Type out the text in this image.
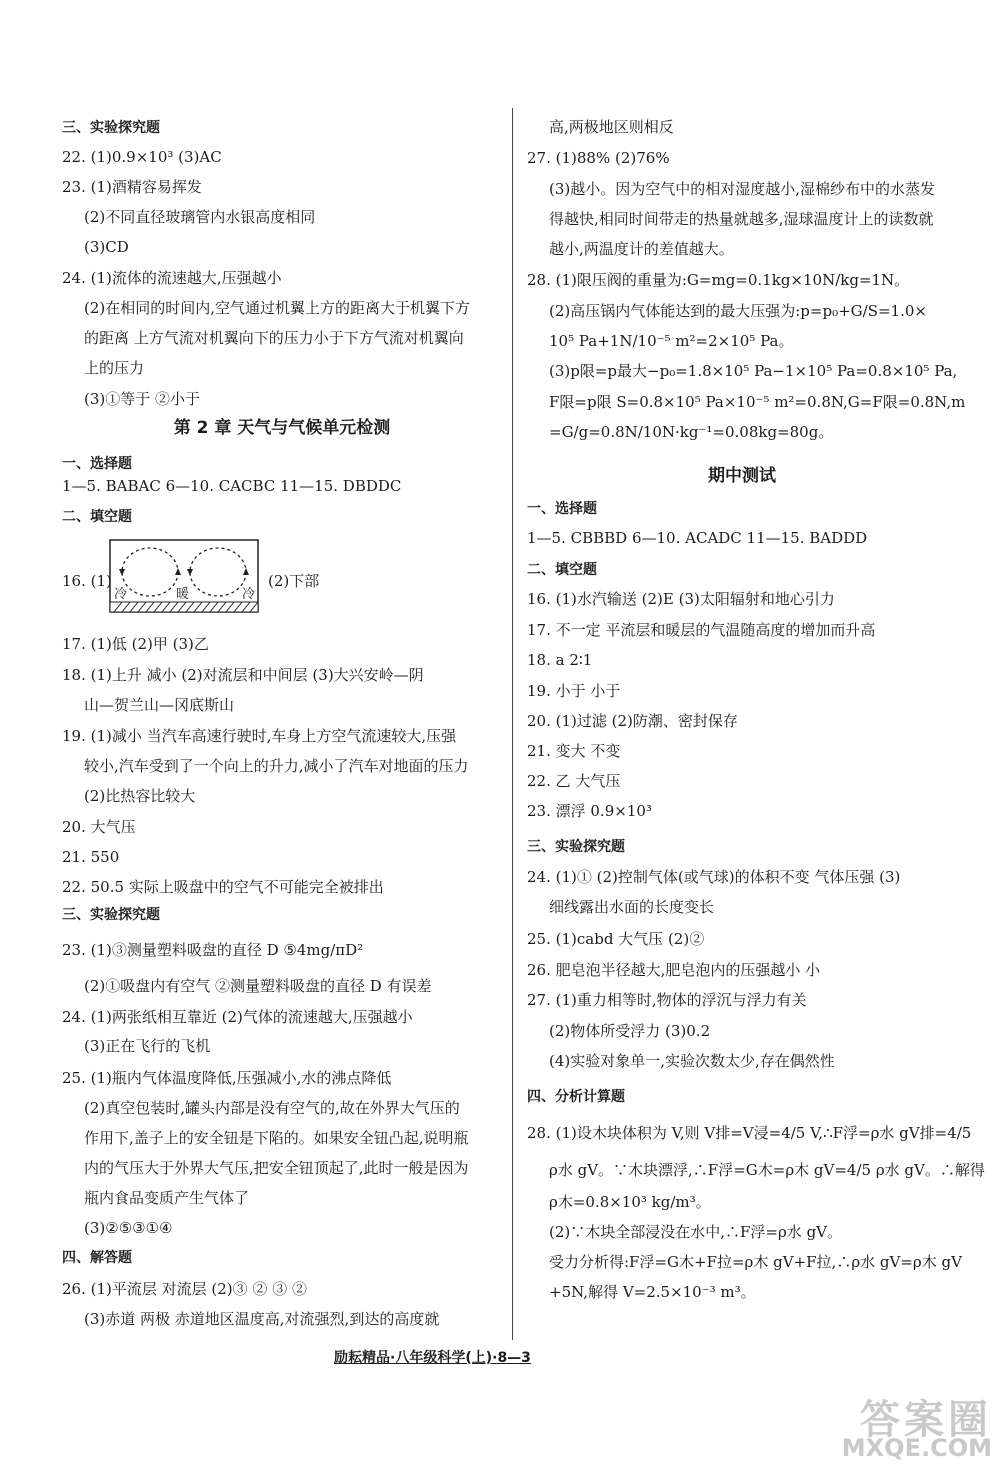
三、实验探究题
22. (1)0.9×10³ (3)AC
23. (1)酒精容易挥发
(2)不同直径玻璃管内水银高度相同
(3)CD
24. (1)流体的流速越大,压强越小
(2)在相同的时间内,空气通过机翼上方的距离大于机翼下方
的距离 上方气流对机翼向下的压力小于下方气流对机翼向
上的压力
(3)①等于 ②小于
第 2 章 天气与气候单元检测
一、选择题
1—5. BABAC 6—10. CACBC 11—15. DBDDC
二、填空题
17. (1)低 (2)甲 (3)乙
18. (1)上升 减小 (2)对流层和中间层 (3)大兴安岭—阴
山—贺兰山—冈底斯山
19. (1)减小 当汽车高速行驶时,车身上方空气流速较大,压强
较小,汽车受到了一个向上的升力,减小了汽车对地面的压力
(2)比热容比较大
20. 大气压
21. 550
22. 50.5 实际上吸盘中的空气不可能完全被排出
三、实验探究题
23. (1)③测量塑料吸盘的直径 D ⑤4mg/πD²
(2)①吸盘内有空气 ②测量塑料吸盘的直径 D 有误差
24. (1)两张纸相互靠近 (2)气体的流速越大,压强越小
(3)正在飞行的飞机
25. (1)瓶内气体温度降低,压强减小,水的沸点降低
(2)真空包装时,罐头内部是没有空气的,故在外界大气压的
作用下,盖子上的安全钮是下陷的。如果安全钮凸起,说明瓶
内的气压大于外界大气压,把安全钮顶起了,此时一般是因为
瓶内食品变质产生气体了
(3)②⑤③①④
四、解答题
26. (1)平流层 对流层 (2)③ ② ③ ②
(3)赤道 两极 赤道地区温度高,对流强烈,到达的高度就
高,两极地区则相反
27. (1)88% (2)76%
(3)越小。因为空气中的相对湿度越小,湿棉纱布中的水蒸发
得越快,相同时间带走的热量就越多,湿球温度计上的读数就
越小,两温度计的差值越大。
28. (1)限压阀的重量为:G=mg=0.1kg×10N/kg=1N。
(2)高压锅内气体能达到的最大压强为:p=p₀+G/S=1.0×
10⁵ Pa+1N/10⁻⁵ m²=2×10⁵ Pa。
(3)p限=p最大−p₀=1.8×10⁵ Pa−1×10⁵ Pa=0.8×10⁵ Pa,
F限=p限 S=0.8×10⁵ Pa×10⁻⁵ m²=0.8N,G=F限=0.8N,m
=G/g=0.8N/10N·kg⁻¹=0.08kg=80g。
期中测试
一、选择题
1—5. CBBBD 6—10. ACADC 11—15. BADDD
二、填空题
16. (1)水汽输送 (2)E (3)太阳辐射和地心引力
17. 不一定 平流层和暖层的气温随高度的增加而升高
18. a 2∶1
19. 小于 小于
20. (1)过滤 (2)防潮、密封保存
21. 变大 不变
22. 乙 大气压
23. 漂浮 0.9×10³
三、实验探究题
24. (1)① (2)控制气体(或气球)的体积不变 气体压强 (3)
细线露出水面的长度变长
25. (1)cabd 大气压 (2)②
26. 肥皂泡半径越大,肥皂泡内的压强越小 小
27. (1)重力相等时,物体的浮沉与浮力有关
(2)物体所受浮力 (3)0.2
(4)实验对象单一,实验次数太少,存在偶然性
四、分析计算题
28. (1)设木块体积为 V,则 V排=V浸=4/5 V,∴F浮=ρ水 gV排=4/5
ρ水 gV。∵木块漂浮,∴F浮=G木=ρ木 gV=4/5 ρ水 gV。∴解得
ρ木=0.8×10³ kg/m³。
(2)∵木块全部浸没在水中,∴F浮=ρ水 gV。
受力分析得:F浮=G木+F拉=ρ木 gV+F拉,∴ρ水 gV=ρ木 gV
+5N,解得 V=2.5×10⁻³ m³。
16. (1)
冷	暖	冷
(2)下部
励耘精品·八年级科学(上)·8—3
答案圈
MXQE.COM
